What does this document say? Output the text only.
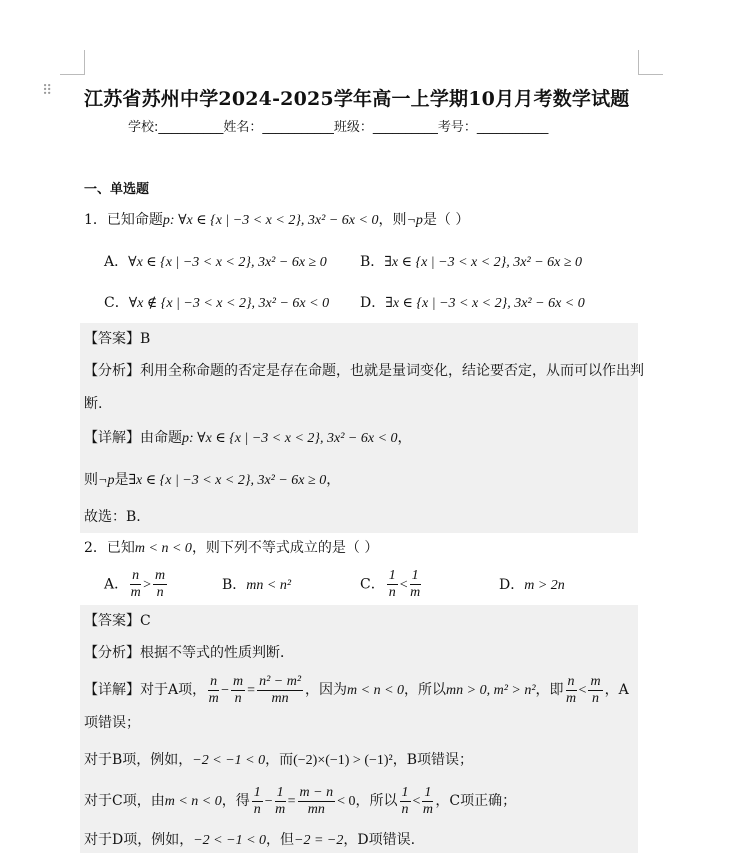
⠿ 江苏省苏州中学2024-2025学年高一上学期10月月考数学试题
学校:__________姓名：___________班级：__________考号：___________
一、单选题
1．已知命题p: ∀x ∈ {x | −3 < x < 2}, 3x² − 6x < 0，则¬p是（ ）
A．∀x ∈ {x | −3 < x < 2}, 3x² − 6x ≥ 0 B．∃x ∈ {x | −3 < x < 2}, 3x² − 6x ≥ 0
C．∀x ∉ {x | −3 < x < 2}, 3x² − 6x < 0 D．∃x ∈ {x | −3 < x < 2}, 3x² − 6x < 0
【答案】B
【分析】利用全称命题的否定是存在命题，也就是量词变化，结论要否定，从而可以作出判
断.
【详解】由命题p: ∀x ∈ {x | −3 < x < 2}, 3x² − 6x < 0，
则¬p是∃x ∈ {x | −3 < x < 2}, 3x² − 6x ≥ 0，
故选：B.
2．已知m < n < 0，则下列不等式成立的是（ ）
A． $\frac{n}{m} > \frac{m}{n}$	B．mn < n²	C． $\frac{1}{n} < \frac{1}{m}$	D．m > 2n
【答案】C
【分析】根据不等式的性质判断．
【详解】对于A项， $\frac{n}{m} - \frac{m}{n} = \frac{\text{n² − m²}}{mn}$ ，因为m < n < 0，所以mn > 0, m² > n²，即 $\frac{n}{m} < \frac{m}{n}$ ，A
项错误；
对于B项，例如，−2 < −1 < 0，而(−2)×(−1) > (−1)²，B项错误；
对于C项，由m < n < 0，得 $\frac{1}{n} - \frac{1}{m} = \frac{m - n}{mn} < 0$，所以 $\frac{1}{n} < \frac{1}{m}$ ，C项正确；
对于D项，例如，−2 < −1 < 0，但−2 = −2，D项错误.
